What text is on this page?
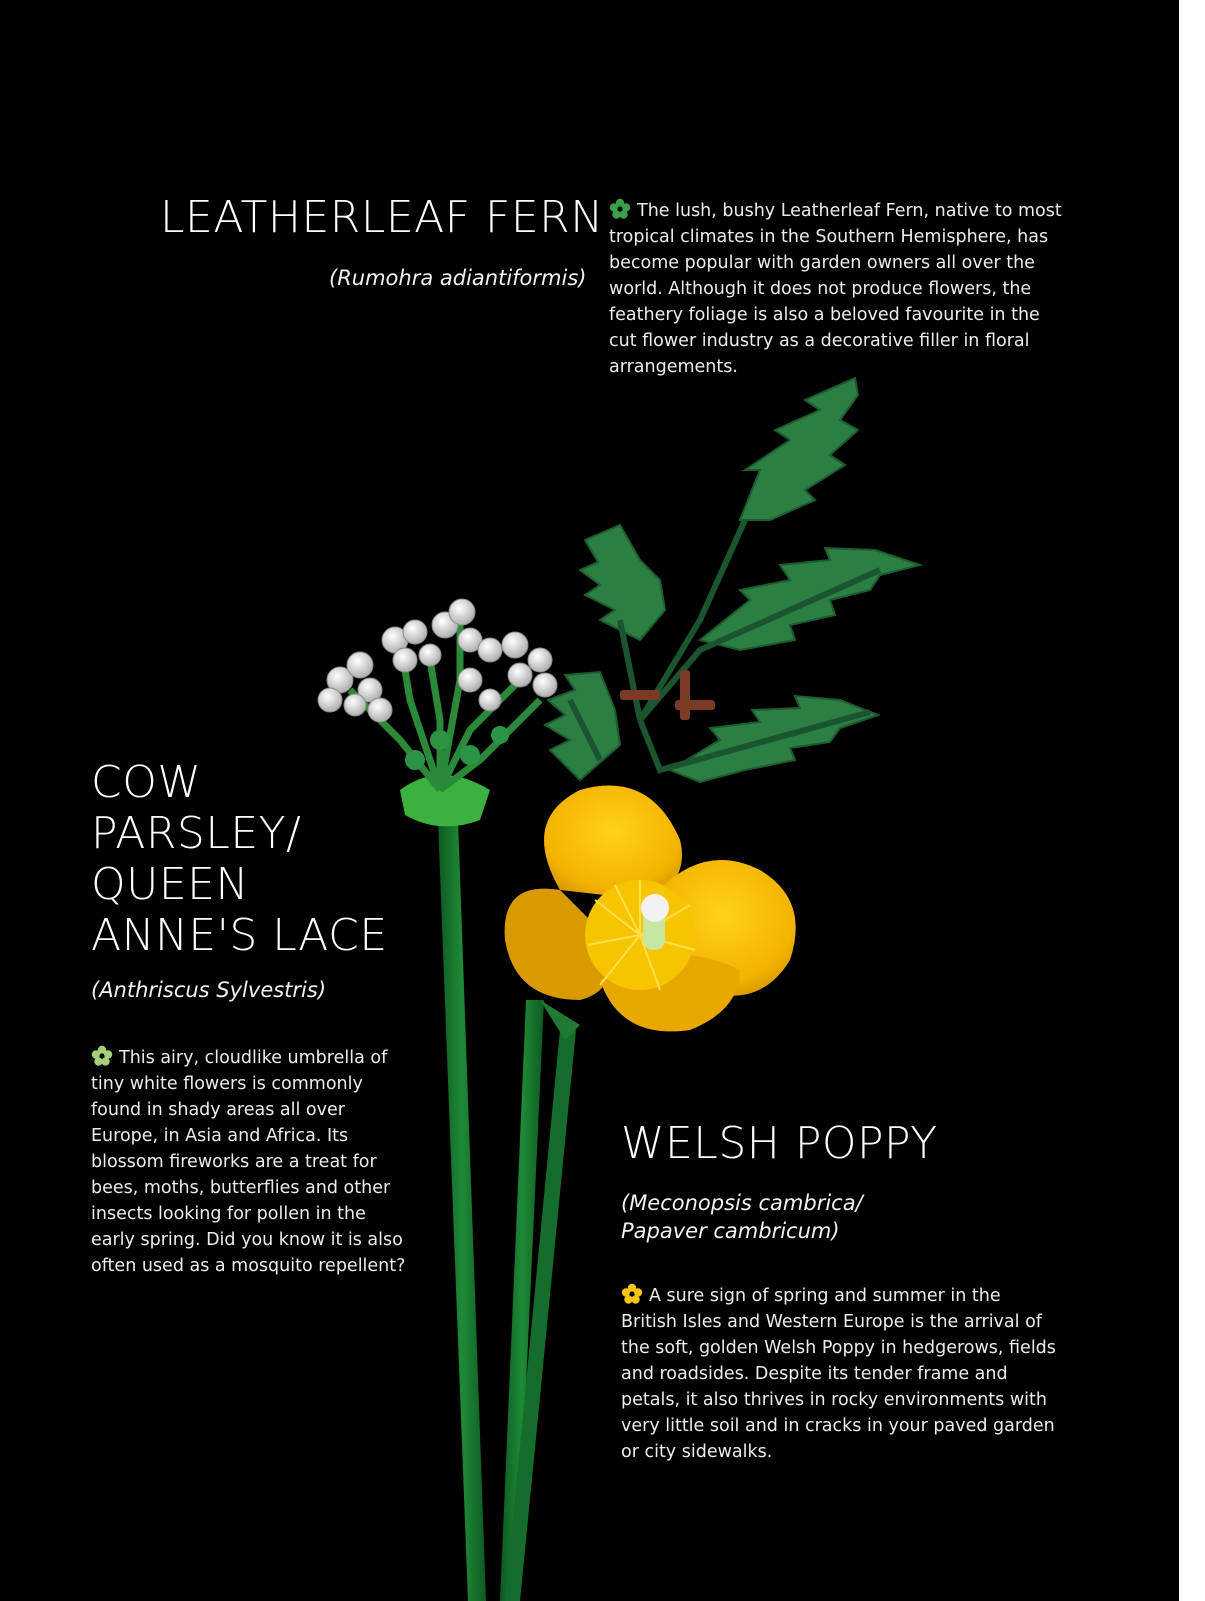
LEATHERLEAF FERN
(Rumohra adiantiformis)
The lush, bushy Leatherleaf Fern, native to most tropical climates in the Southern Hemisphere, has become popular with garden owners all over the world. Although it does not produce flowers, the feathery foliage is also a beloved favourite in the cut flower industry as a decorative filler in floral arrangements.
COW
PARSLEY/
QUEEN
ANNE'S LACE
(Anthriscus Sylvestris)
This airy, cloudlike umbrella of tiny white flowers is commonly found in shady areas all over Europe, in Asia and Africa. Its blossom fireworks are a treat for bees, moths, butterflies and other insects looking for pollen in the early spring. Did you know it is also often used as a mosquito repellent?
WELSH POPPY
(Meconopsis cambrica/
Papaver cambricum)
A sure sign of spring and summer in the British Isles and Western Europe is the arrival of the soft, golden Welsh Poppy in hedgerows, fields and roadsides. Despite its tender frame and petals, it also thrives in rocky environments with very little soil and in cracks in your paved garden or city sidewalks.
